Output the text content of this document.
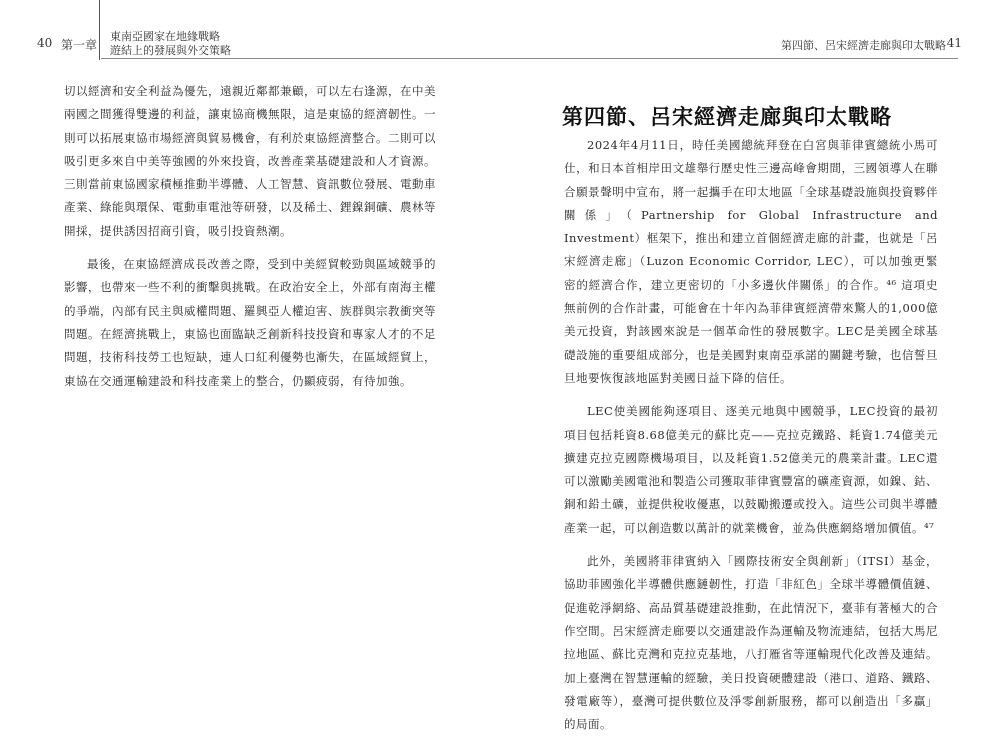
40 第一章
東南亞國家在地緣戰略
遊結上的發展與外交策略

切以經濟和安全利益為優先，遠親近鄰都兼顧，可以左右逢源，在中美兩國之間獲得雙邊的利益，讓東協商機無限，這是東協的經濟韌性。一則可以拓展東協市場經濟與貿易機會，有利於東協經濟整合。二則可以吸引更多來自中美等強國的外來投資，改善產業基礎建設和人才資源。三則當前東協國家積極推動半導體、人工智慧、資訊數位發展、電動車產業、綠能與環保、電動車電池等研發，以及稀土、鋰鎳銅礦、農林等開採，提供誘因招商引資，吸引投資熱潮。

最後，在東協經濟成長改善之際，受到中美經貿較勁與區域競爭的影響，也帶來一些不利的衝擊與挑戰。在政治安全上，外部有南海主權的爭端，內部有民主與威權問題、羅興亞人權迫害、族群與宗教衝突等問題。在經濟挑戰上，東協也面臨缺乏創新科技投資和專家人才的不足問題，技術科技勞工也短缺，連人口紅利優勢也漸失，在區域經貿上，東協在交通運輸建設和科技產業上的整合，仍顯疲弱，有待加強。

第四節、呂宋經濟走廊與印太戰略 41
第四節、呂宋經濟走廊與印太戰略

2024年4月11日，時任美國總統拜登在白宮與菲律賓總統小馬可仕，和日本首相岸田文雄舉行歷史性三邊高峰會期間，三國領導人在聯合願景聲明中宣布，將一起攜手在印太地區「全球基礎設施與投資夥伴關係」（Partnership for Global Infrastructure and Investment）框架下，推出和建立首個經濟走廊的計畫，也就是「呂宋經濟走廊」（Luzon Economic Corridor, LEC），可以加強更緊密的經濟合作，建立更密切的「小多邊伙伴關係」的合作。⁴⁶ 這項史無前例的合作計畫，可能會在十年內為菲律賓經濟帶來驚人的1,000億美元投資，對該國來說是一個革命性的發展數字。LEC是美國全球基礎設施的重要組成部分，也是美國對東南亞承諾的關鍵考驗，也信誓旦旦地要恢復該地區對美國日益下降的信任。

LEC使美國能夠逐項目、逐美元地與中國競爭，LEC投資的最初項目包括耗資8.68億美元的蘇比克——克拉克鐵路、耗資1.74億美元擴建克拉克國際機場項目，以及耗資1.52億美元的農業計畫。LEC還可以激勵美國電池和製造公司獲取菲律賓豐富的礦產資源，如鎳、鈷、銅和鉛土礦，並提供稅收優惠，以鼓勵搬遷或投入。這些公司與半導體產業一起，可以創造數以萬計的就業機會，並為供應網絡增加價值。⁴⁷

此外，美國將菲律賓納入「國際技術安全與創新」（ITSI）基金，協助菲國強化半導體供應鏈韌性，打造「非紅色」全球半導體價值鏈、促進乾淨網絡、高品質基礎建設推動，在此情況下，臺菲有著極大的合作空間。呂宋經濟走廊要以交通建設作為運輸及物流連結，包括大馬尼拉地區、蘇比克灣和克拉克基地，八打雁省等運輸現代化改善及連結。加上臺灣在智慧運輸的經驗，美日投資硬體建設（港口、道路、鐵路、發電廠等），臺灣可提供數位及淨零創新服務，都可以創造出「多贏」的局面。
